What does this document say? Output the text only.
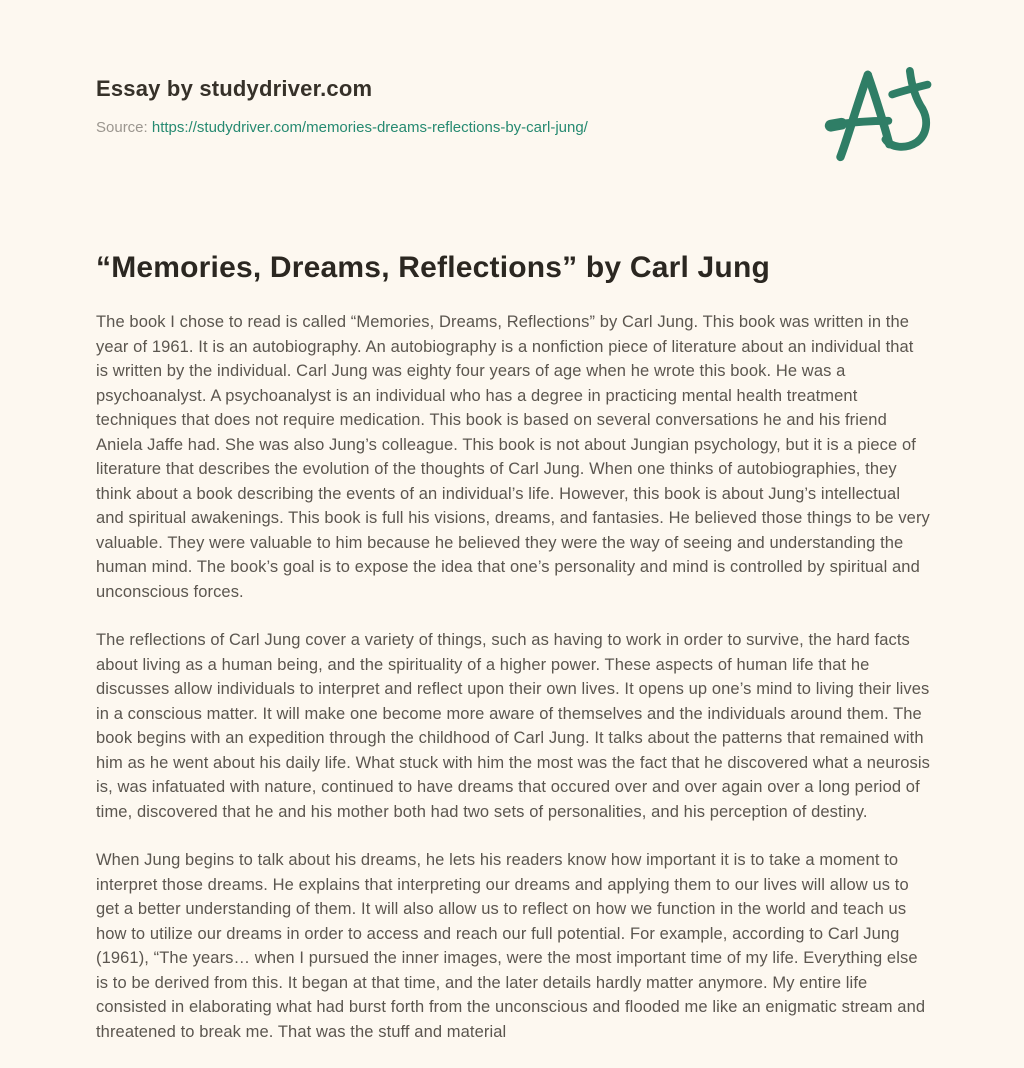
Essay by studydriver.com

Source: https://studydriver.com/memories-dreams-reflections-by-carl-jung/

“Memories, Dreams, Reflections” by Carl Jung

The book I chose to read is called “Memories, Dreams, Reflections” by Carl Jung. This book was written in the year of 1961. It is an autobiography. An autobiography is a nonfiction piece of literature about an individual that is written by the individual. Carl Jung was eighty four years of age when he wrote this book. He was a psychoanalyst. A psychoanalyst is an individual who has a degree in practicing mental health treatment techniques that does not require medication. This book is based on several conversations he and his friend Aniela Jaffe had. She was also Jung’s colleague. This book is not about Jungian psychology, but it is a piece of literature that describes the evolution of the thoughts of Carl Jung. When one thinks of autobiographies, they think about a book describing the events of an individual’s life. However, this book is about Jung’s intellectual and spiritual awakenings. This book is full his visions, dreams, and fantasies. He believed those things to be very valuable. They were valuable to him because he believed they were the way of seeing and understanding the human mind. The book’s goal is to expose the idea that one’s personality and mind is controlled by spiritual and unconscious forces.

The reflections of Carl Jung cover a variety of things, such as having to work in order to survive, the hard facts about living as a human being, and the spirituality of a higher power. These aspects of human life that he discusses allow individuals to interpret and reflect upon their own lives. It opens up one’s mind to living their lives in a conscious matter. It will make one become more aware of themselves and the individuals around them. The book begins with an expedition through the childhood of Carl Jung. It talks about the patterns that remained with him as he went about his daily life. What stuck with him the most was the fact that he discovered what a neurosis is, was infatuated with nature, continued to have dreams that occured over and over again over a long period of time, discovered that he and his mother both had two sets of personalities, and his perception of destiny.

When Jung begins to talk about his dreams, he lets his readers know how important it is to take a moment to interpret those dreams. He explains that interpreting our dreams and applying them to our lives will allow us to get a better understanding of them. It will also allow us to reflect on how we function in the world and teach us how to utilize our dreams in order to access and reach our full potential. For example, according to Carl Jung (1961), “The years… when I pursued the inner images, were the most important time of my life. Everything else is to be derived from this. It began at that time, and the later details hardly matter anymore. My entire life consisted in elaborating what had burst forth from the unconscious and flooded me like an enigmatic stream and threatened to break me. That was the stuff and material
